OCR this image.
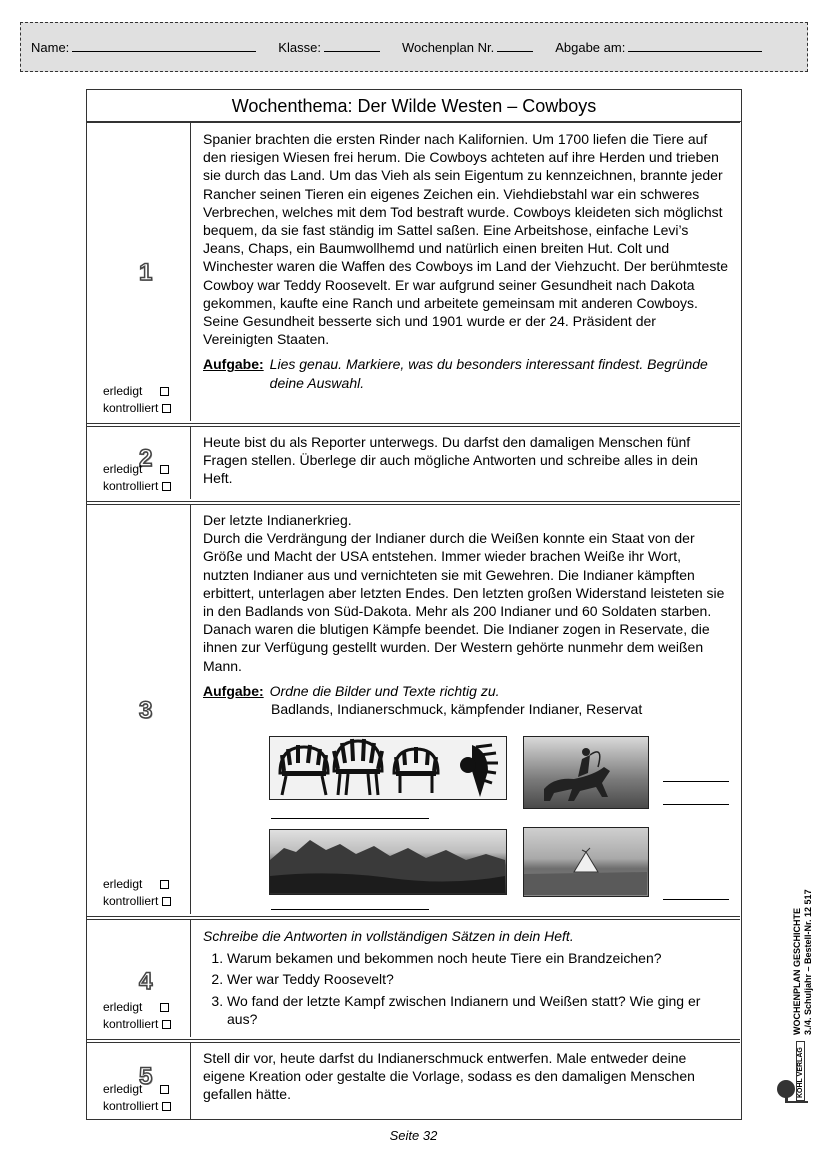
Name:	Klasse:	Wochenplan Nr.	Abgabe am:
Wochenthema: Der Wilde Westen – Cowboys
1
erledigt
kontrolliert
Spanier brachten die ersten Rinder nach Kalifornien. Um 1700 liefen die Tiere auf den riesigen Wiesen frei herum. Die Cowboys achteten auf ihre Herden und trieben sie durch das Land. Um das Vieh als sein Eigentum zu kennzeichnen, brannte jeder Rancher seinen Tieren ein eigenes Zeichen ein. Viehdiebstahl war ein schweres Verbrechen, welches mit dem Tod bestraft wurde. Cowboys kleideten sich möglichst bequem, da sie fast ständig im Sattel saßen. Eine Arbeitshose, einfache Levi’s Jeans, Chaps, ein Baumwollhemd und natürlich einen breiten Hut. Colt und Winchester waren die Waffen des Cowboys im Land der Viehzucht. Der berühmteste Cowboy war Teddy Roosevelt. Er war aufgrund seiner Gesundheit nach Dakota gekommen, kaufte eine Ranch und arbeitete gemeinsam mit anderen Cowboys. Seine Gesundheit besserte sich und 1901 wurde er der 24. Präsident der Vereinigten Staaten.
Aufgabe: Lies genau. Markiere, was du besonders interessant findest. Begründe deine Auswahl.
2
erledigt
kontrolliert
Heute bist du als Reporter unterwegs. Du darfst den damaligen Menschen fünf Fragen stellen. Überlege dir auch mögliche Antworten und schreibe alles in dein Heft.
3
erledigt
kontrolliert
Der letzte Indianerkrieg.
Durch die Verdrängung der Indianer durch die Weißen konnte ein Staat von der Größe und Macht der USA entstehen. Immer wieder brachen Weiße ihr Wort, nutzten Indianer aus und vernichteten sie mit Gewehren. Die Indianer kämpften erbittert, unterlagen aber letzten Endes. Den letzten großen Widerstand leisteten sie in den Badlands von Süd-Dakota. Mehr als 200 Indianer und 60 Soldaten starben. Danach waren die blutigen Kämpfe beendet. Die Indianer zogen in Reservate, die ihnen zur Verfügung gestellt wurden. Der Western gehörte nunmehr dem weißen Mann.
Aufgabe: Ordne die Bilder und Texte richtig zu.
Badlands, Indianerschmuck, kämpfender Indianer, Reservat
4
erledigt
kontrolliert
Schreibe die Antworten in vollständigen Sätzen in dein Heft.
1. Warum bekamen und bekommen noch heute Tiere ein Brandzeichen?
2. Wer war Teddy Roosevelt?
3. Wo fand der letzte Kampf zwischen Indianern und Weißen statt? Wie ging er aus?
5
erledigt
kontrolliert
Stell dir vor, heute darfst du Indianerschmuck entwerfen. Male entweder deine eigene Kreation oder gestalte die Vorlage, sodass es den damaligen Menschen gefallen hätte.
WOCHENPLAN GESCHICHTE 3./4. Schuljahr – Bestell-Nr. 12 517
KOHL VERLAG
Seite 32
